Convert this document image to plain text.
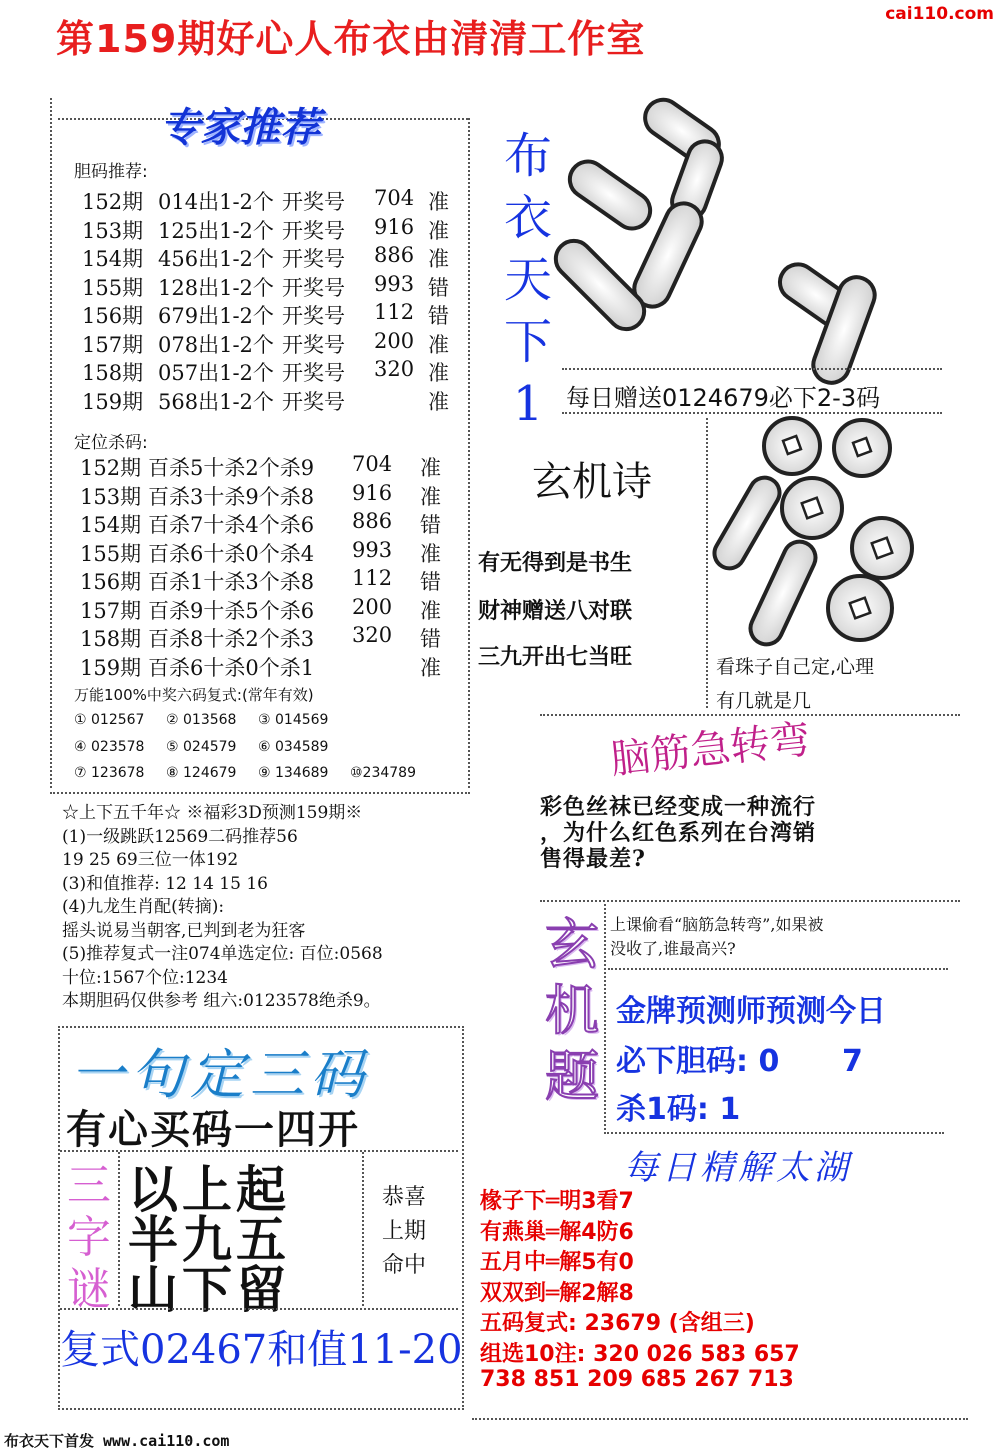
第159期好心人布衣由清清工作室
cai110.com
专家推荐
胆码推荐:
152期 014出1-2个 开奖号 704 准
153期 125出1-2个 开奖号 916 准
154期 456出1-2个 开奖号 886 准
155期 128出1-2个 开奖号 993 错
156期 679出1-2个 开奖号 112 错
157期 078出1-2个 开奖号 200 准
158期 057出1-2个 开奖号 320 准
159期 568出1-2个 开奖号	准
定位杀码:
152期 百杀5十杀2个杀9 704 准
153期 百杀3十杀9个杀8 916 准
154期 百杀7十杀4个杀6 886 错
155期 百杀6十杀0个杀4 993 准
156期 百杀1十杀3个杀8 112 错
157期 百杀9十杀5个杀6 200 准
158期 百杀8十杀2个杀3 320 错
159期 百杀6十杀0个杀1	准
万能100%中奖六码复式:(常年有效)
① 012567 ② 013568 ③ 014569
④ 023578 ⑤ 024579 ⑥ 034589
⑦ 123678 ⑧ 124679 ⑨ 134689 ⑩234789
☆上下五千年☆ ※福彩3D预测159期※
(1)一级跳跃12569二码推荐56
19 25 69三位一体192
(3)和值推荐: 12 14 15 16
(4)九龙生肖配(转摘):
摇头说易当朝客,已判到老为狂客
(5)推荐复式一注074单选定位: 百位:0568
十位:1567个位:1234
本期胆码仅供参考 组六:0123578绝杀9。
布
衣
天
下
1 每日赠送0124679必下2-3码
玄机诗
有无得到是书生
财神赠送八对联
三九开出七当旺	看珠子自己定,心理
有几就是几
脑筋急转弯
彩色丝袜已经变成一种流行
，为什么红色系列在台湾销
售得最差?
玄
机
题
上课偷看“脑筋急转弯”,如果被
没收了,谁最高兴?
金牌预测师预测今日
必下胆码: 0      7
杀1码: 1
每日精解太湖
椽子下═明3看7
有燕巢═解4防6
五月中═解5有0
双双到═解2解8
五码复式: 23679 (含组三)
组选10注: 320 026 583 657
738 851 209 685 267 713
一句定三码
有心买码一四开
三
字
谜
以上起
半九五
山下留
恭喜
上期
命中
复式02467和值11-20
布衣天下首发 www.cai110.com
